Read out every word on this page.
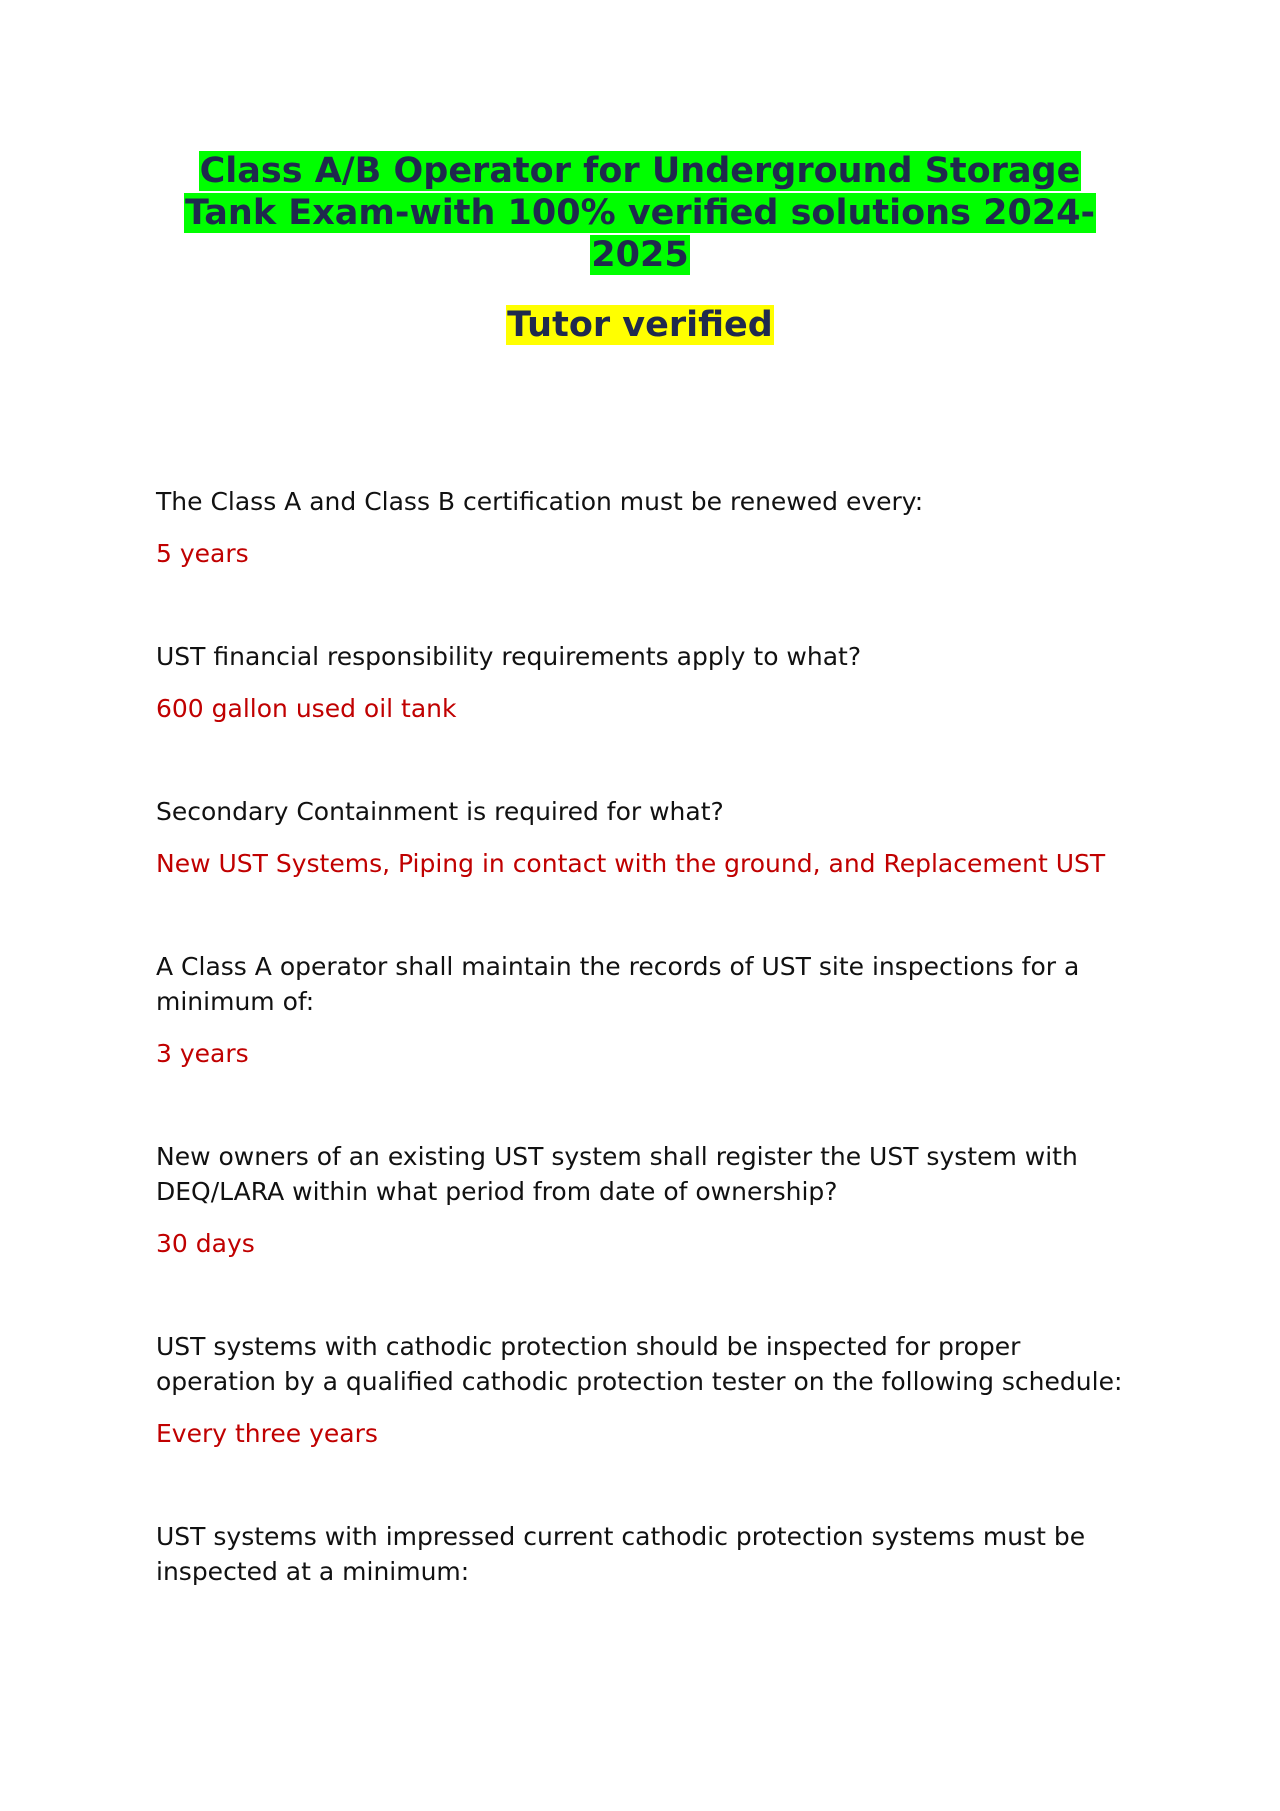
Class A/B Operator for Underground Storage Tank Exam-with 100% verified solutions 2024-2025
Tutor verified

The Class A and Class B certification must be renewed every:

5 years

UST financial responsibility requirements apply to what?

600 gallon used oil tank

Secondary Containment is required for what?

New UST Systems, Piping in contact with the ground, and Replacement UST

A Class A operator shall maintain the records of UST site inspections for a minimum of:

3 years

New owners of an existing UST system shall register the UST system with DEQ/LARA within what period from date of ownership?

30 days

UST systems with cathodic protection should be inspected for proper operation by a qualified cathodic protection tester on the following schedule:

Every three years

UST systems with impressed current cathodic protection systems must be inspected at a minimum:
